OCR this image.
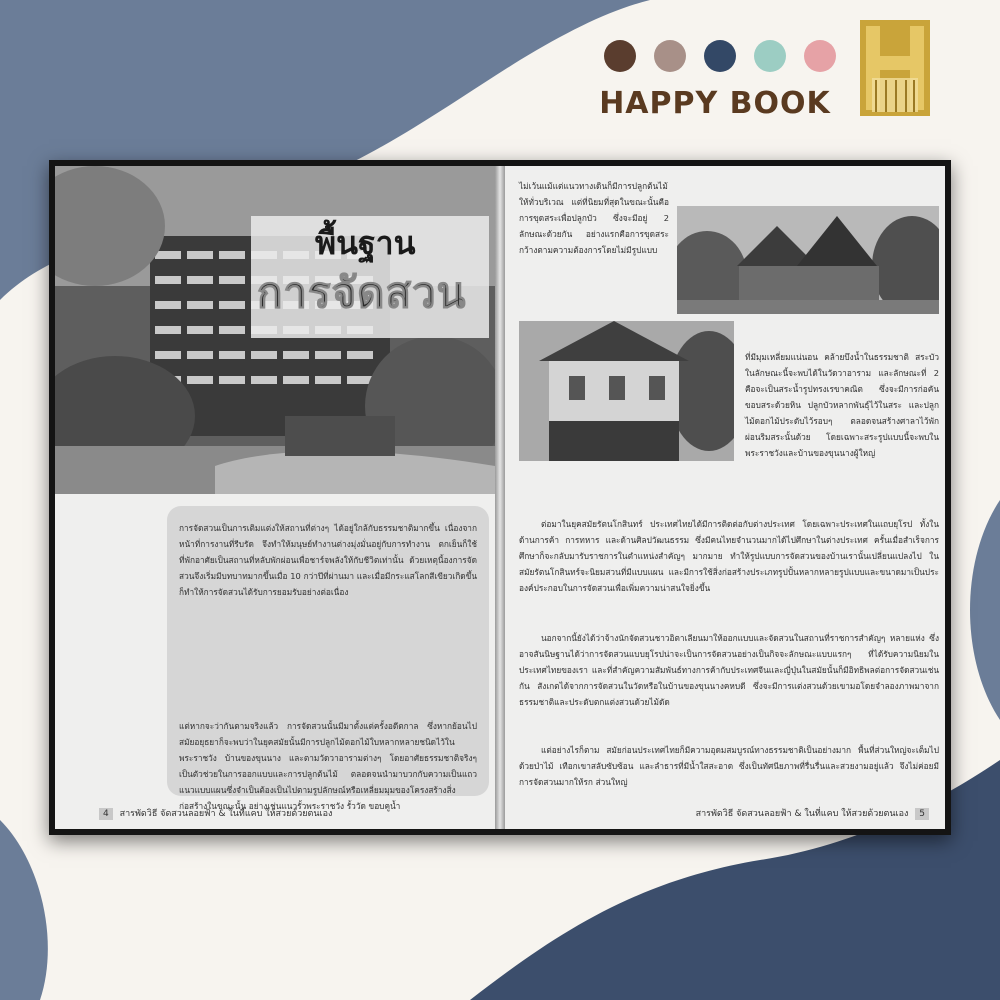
HAPPY BOOK
พื้นฐาน
การจัดสวน

การจัดสวนเป็นการเติมแต่งให้สถานที่ต่างๆ ได้อยู่ใกล้กับธรรมชาติมากขึ้น เนื่องจากหน้าที่การงานที่รีบรัด จึงทำให้มนุษย์ทำงานต่างมุ่งมั่นอยู่กับการทำงาน ตกเย็นก็ใช้ที่พักอาศัยเป็นสถานที่หลับพักผ่อนเพื่อชาร์จพลังให้กับชีวิตเท่านั้น ด้วยเหตุนี้องการจัดสวนจึงเริ่มมีบทบาทมากขึ้นเมื่อ 10 กว่าปีที่ผ่านมา และเมื่อมีกระแสโลกสีเขียวเกิดขึ้น ก็ทำให้การจัดสวนได้รับการยอมรับอย่างต่อเนื่อง

แต่หากจะว่ากันตามจริงแล้ว การจัดสวนนั้นมีมาตั้งแต่ครั้งอดีตกาล ซึ่งหากย้อนไปสมัยอยุธยาก็จะพบว่าในยุคสมัยนั้นมีการปลูกไม้ดอกไม้ใบหลากหลายชนิดไว้ในพระราชวัง บ้านของขุนนาง และตามวัดวาอารามต่างๆ โดยอาศัยธรรมชาติจริงๆ เป็นตัวช่วยในการออกแบบและการปลูกต้นไม้ ตลอดจนนำมาบวกกับความเป็นแถวแนวแบบแผนซึ่งจำเป็นต้องเป็นไปตามรูปลักษณ์หรือเหลี่ยมมุมของโครงสร้างสิ่งก่อสร้างในขณะนั้น อย่างเช่นแนวรั้วพระราชวัง รั้ววัด ขอบคูน้ำ

4 สารพัดวิธี จัดสวนลอยฟ้า & ในที่แคบ ให้สวยด้วยตนเอง

ไม่เว้นแม้แต่แนวทางเดินก็มีการปลูกต้นไม้ให้ทั่วบริเวณ แต่ที่นิยมที่สุดในขณะนั้นคือการขุดสระเพื่อปลูกบัว ซึ่งจะมีอยู่ 2 ลักษณะด้วยกัน อย่างแรกคือการขุดสระกว้างตามความต้องการโดยไม่มีรูปแบบ

ที่มีมุมเหลี่ยมแน่นอน คล้ายบึงน้ำในธรรมชาติ สระบัวในลักษณะนี้จะพบได้ในวัดวาอาราม และลักษณะที่ 2 คือจะเป็นสระน้ำรูปทรงเรขาคณิต ซึ่งจะมีการก่อคันขอบสระด้วยหิน ปลูกบัวหลากพันธุ์ไว้ในสระ และปลูกไม้ดอกไม้ประดับไว้รอบๆ ตลอดจนสร้างศาลาไว้พักผ่อนริมสระนั้นด้วย โดยเฉพาะสระรูปแบบนี้จะพบในพระราชวังและบ้านของขุนนางผู้ใหญ่

ต่อมาในยุคสมัยรัตนโกสินทร์ ประเทศไทยได้มีการติดต่อกับต่างประเทศ โดยเฉพาะประเทศในแถบยุโรป ทั้งในด้านการค้า การทหาร และด้านศิลปวัฒนธรรม ซึ่งมีคนไทยจำนวนมากได้ไปศึกษาในต่างประเทศ ครั้นเมื่อสำเร็จการศึกษาก็จะกลับมารับราชการในตำแหน่งสำคัญๆ มากมาย ทำให้รูปแบบการจัดสวนของบ้านเรานั้นเปลี่ยนแปลงไป ในสมัยรัตนโกสินทร์จะนิยมสวนที่มีแบบแผน และมีการใช้สิ่งก่อสร้างประเภทรูปปั้นหลากหลายรูปแบบและขนาดมาเป็นประองค์ประกอบในการจัดสวนเพื่อเพิ่มความน่าสนใจยิ่งขึ้น

นอกจากนี้ยังได้ว่าจ้างนักจัดสวนชาวอิตาเลียนมาให้ออกแบบและจัดสวนในสถานที่ราชการสำคัญๆ หลายแห่ง ซึ่งอาจสันนิษฐานได้ว่าการจัดสวนแบบยุโรปน่าจะเป็นการจัดสวนอย่างเป็นกิจจะลักษณะแบบแรกๆ ที่ได้รับความนิยมในประเทศไทยของเรา และที่สำคัญความสัมพันธ์ทางการค้ากับประเทศจีนและญี่ปุ่นในสมัยนั้นก็มีอิทธิพลต่อการจัดสวนเช่นกัน สังเกตได้จากการจัดสวนในวัดหรือในบ้านของขุนนางคหบดี ซึ่งจะมีการแต่งสวนด้วยเขามอโดยจำลองภาพมาจากธรรมชาติและประดับตกแต่งสวนด้วยไม้ดัด

แต่อย่างไรก็ตาม สมัยก่อนประเทศไทยก็มีความอุดมสมบูรณ์ทางธรรมชาติเป็นอย่างมาก พื้นที่ส่วนใหญ่จะเต็มไปด้วยป่าไม้ เทือกเขาสลับซับซ้อน และลำธารที่มีน้ำใสสะอาด ซึ่งเป็นทัศนียภาพที่รื่นรื่นและสวยงามอยู่แล้ว จึงไม่ค่อยมีการจัดสวนมากให้รก ส่วนใหญ่

สารพัดวิธี จัดสวนลอยฟ้า & ในที่แคบ ให้สวยด้วยตนเอง 5
